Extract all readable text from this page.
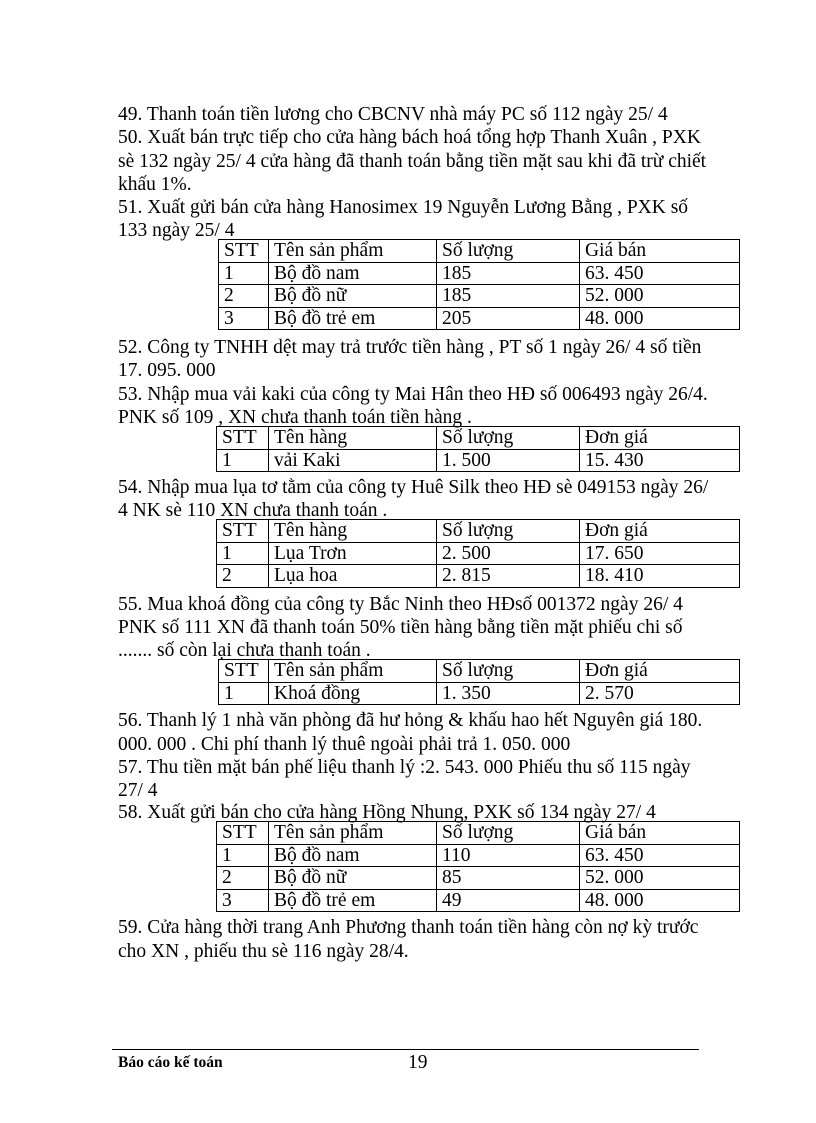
49. Thanh toán tiền lương cho CBCNV nhà máy PC số 112 ngày 25/ 4
50. Xuất bán trực tiếp cho cửa hàng bách hoá tổng hợp Thanh Xuân , PXK
sè 132 ngày 25/ 4 cửa hàng đã thanh toán bằng tiền mặt sau khi đã trừ chiết
khấu 1%.
51. Xuất gửi bán cửa hàng Hanosimex 19 Nguyễn Lương Bằng , PXK số
133 ngày 25/ 4
STT	Tên sản phẩm	Số lượng	Giá bán
1	Bộ đồ nam	185	63. 450
2	Bộ đồ nữ	185	52. 000
3	Bộ đồ trẻ em	205	48. 000
52. Công ty TNHH dệt may trả trước tiền hàng , PT số 1 ngày 26/ 4 số tiền
17. 095. 000
53. Nhập mua vải kaki của công ty Mai Hân theo HĐ số 006493 ngày 26/4.
PNK số 109 , XN chưa thanh toán tiền hàng .
STT	Tên hàng	Số lượng	Đơn giá
1	vải Kaki	1. 500	15. 430
54. Nhập mua lụa tơ tằm của công ty Huê Silk theo HĐ sè 049153 ngày 26/
4 NK sè 110 XN chưa thanh toán .
STT	Tên hàng	Số lượng	Đơn giá
1	Lụa Trơn	2. 500	17. 650
2	Lụa hoa	2. 815	18. 410
55. Mua khoá đồng của công ty Bắc Ninh theo HĐsố 001372 ngày 26/ 4
PNK số 111 XN đã thanh toán 50% tiền hàng bằng tiền mặt phiếu chi số
....... số còn lại chưa thanh toán .
STT	Tên sản phẩm	Số lượng	Đơn giá
1	Khoá đồng	1. 350	2. 570
56. Thanh lý 1 nhà văn phòng đã hư hỏng & khấu hao hết Nguyên giá 180.
000. 000 . Chi phí thanh lý thuê ngoài phải trả 1. 050. 000
57. Thu tiền mặt bán phế liệu thanh lý :2. 543. 000 Phiếu thu số 115 ngày
27/ 4
58. Xuất gửi bán cho cửa hàng Hồng Nhung, PXK số 134 ngày 27/ 4
STT	Tên sản phẩm	Số lượng	Giá bán
1	Bộ đồ nam	110	63. 450
2	Bộ đồ nữ	85	52. 000
3	Bộ đồ trẻ em	49	48. 000
59. Cửa hàng thời trang Anh Phương thanh toán tiền hàng còn nợ kỳ trước
cho XN , phiếu thu sè 116 ngày 28/4.
Báo cáo kế toán	19
